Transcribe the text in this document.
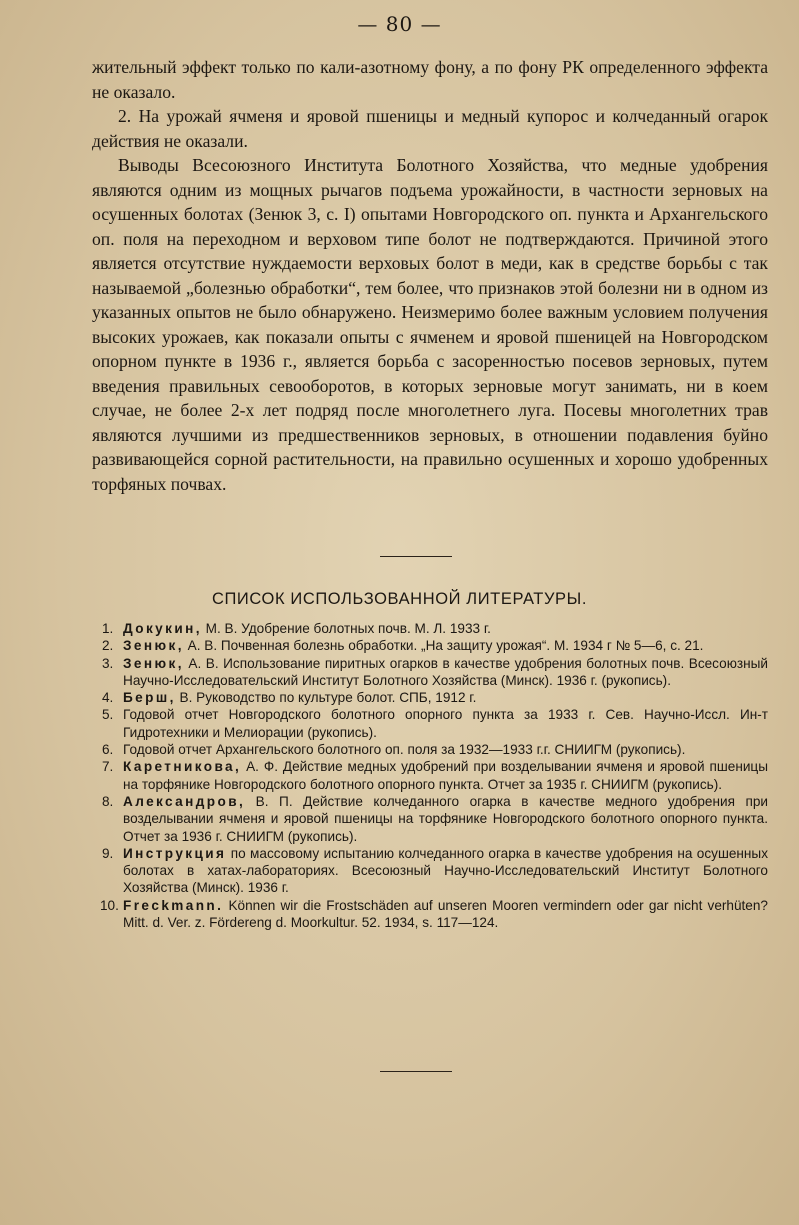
— 80 —

жительный эффект только по кали-азотному фону, а по фону РК определенного эффекта не оказало.

2. На урожай ячменя и яровой пшеницы и медный купорос и колчеданный огарок действия не оказали.

Выводы Всесоюзного Института Болотного Хозяйства, что медные удобрения являются одним из мощных рычагов подъема урожайности, в частности зерновых на осушенных болотах (Зенюк 3, с. I) опытами Новгородского оп. пункта и Архангельского оп. поля на переходном и верховом типе болот не подтверждаются. Причиной этого является отсутствие нуждаемости верховых болот в меди, как в средстве борьбы с так называемой „болезнью обработки“, тем более, что признаков этой болезни ни в одном из указанных опытов не было обнаружено. Неизмеримо более важным условием получения высоких урожаев, как показали опыты с ячменем и яровой пшеницей на Новгородском опорном пункте в 1936 г., является борьба с засоренностью посевов зерновых, путем введения правильных севооборотов, в которых зерновые могут занимать, ни в коем случае, не более 2-х лет подряд после многолетнего луга. Посевы многолетних трав являются лучшими из предшественников зерновых, в отношении подавления буйно развивающейся сорной растительности, на правильно осушенных и хорошо удобренных торфяных почвах.

СПИСОК ИСПОЛЬЗОВАННОЙ ЛИТЕРАТУРЫ.
1. Докукин, М. В. Удобрение болотных почв. М. Л. 1933 г.
2. Зенюк, А. В. Почвенная болезнь обработки. „На защиту урожая“. М. 1934 г № 5—6, с. 21.
3. Зенюк, А. В. Использование пиритных огарков в качестве удобрения болотных почв. Всесоюзный Научно-Исследовательский Институт Болотного Хозяйства (Минск). 1936 г. (рукопись).
4. Берш, В. Руководство по культуре болот. СПБ, 1912 г.
5. Годовой отчет Новгородского болотного опорного пункта за 1933 г. Сев. Научно-Иссл. Ин-т Гидротехники и Мелиорации (рукопись).
6. Годовой отчет Архангельского болотного оп. поля за 1932—1933 г.г. СНИИГМ (рукопись).
7. Каретникова, А. Ф. Действие медных удобрений при возделывании ячменя и яровой пшеницы на торфянике Новгородского болотного опорного пункта. Отчет за 1935 г. СНИИГМ (рукопись).
8. Александров, В. П. Действие колчеданного огарка в качестве медного удобрения при возделывании ячменя и яровой пшеницы на торфянике Новгородского болотного опорного пункта. Отчет за 1936 г. СНИИГМ (рукопись).
9. Инструкция по массовому испытанию колчеданного огарка в качестве удобрения на осушенных болотах в хатах-лабораториях. Всесоюзный Научно-Исследовательский Институт Болотного Хозяйства (Минск). 1936 г.
10. Freckmann. Können wir die Frostschäden auf unseren Mooren vermindern oder gar nicht verhüten? Mitt. d. Ver. z. Fördereng d. Moorkultur. 52. 1934, s. 117—124.
